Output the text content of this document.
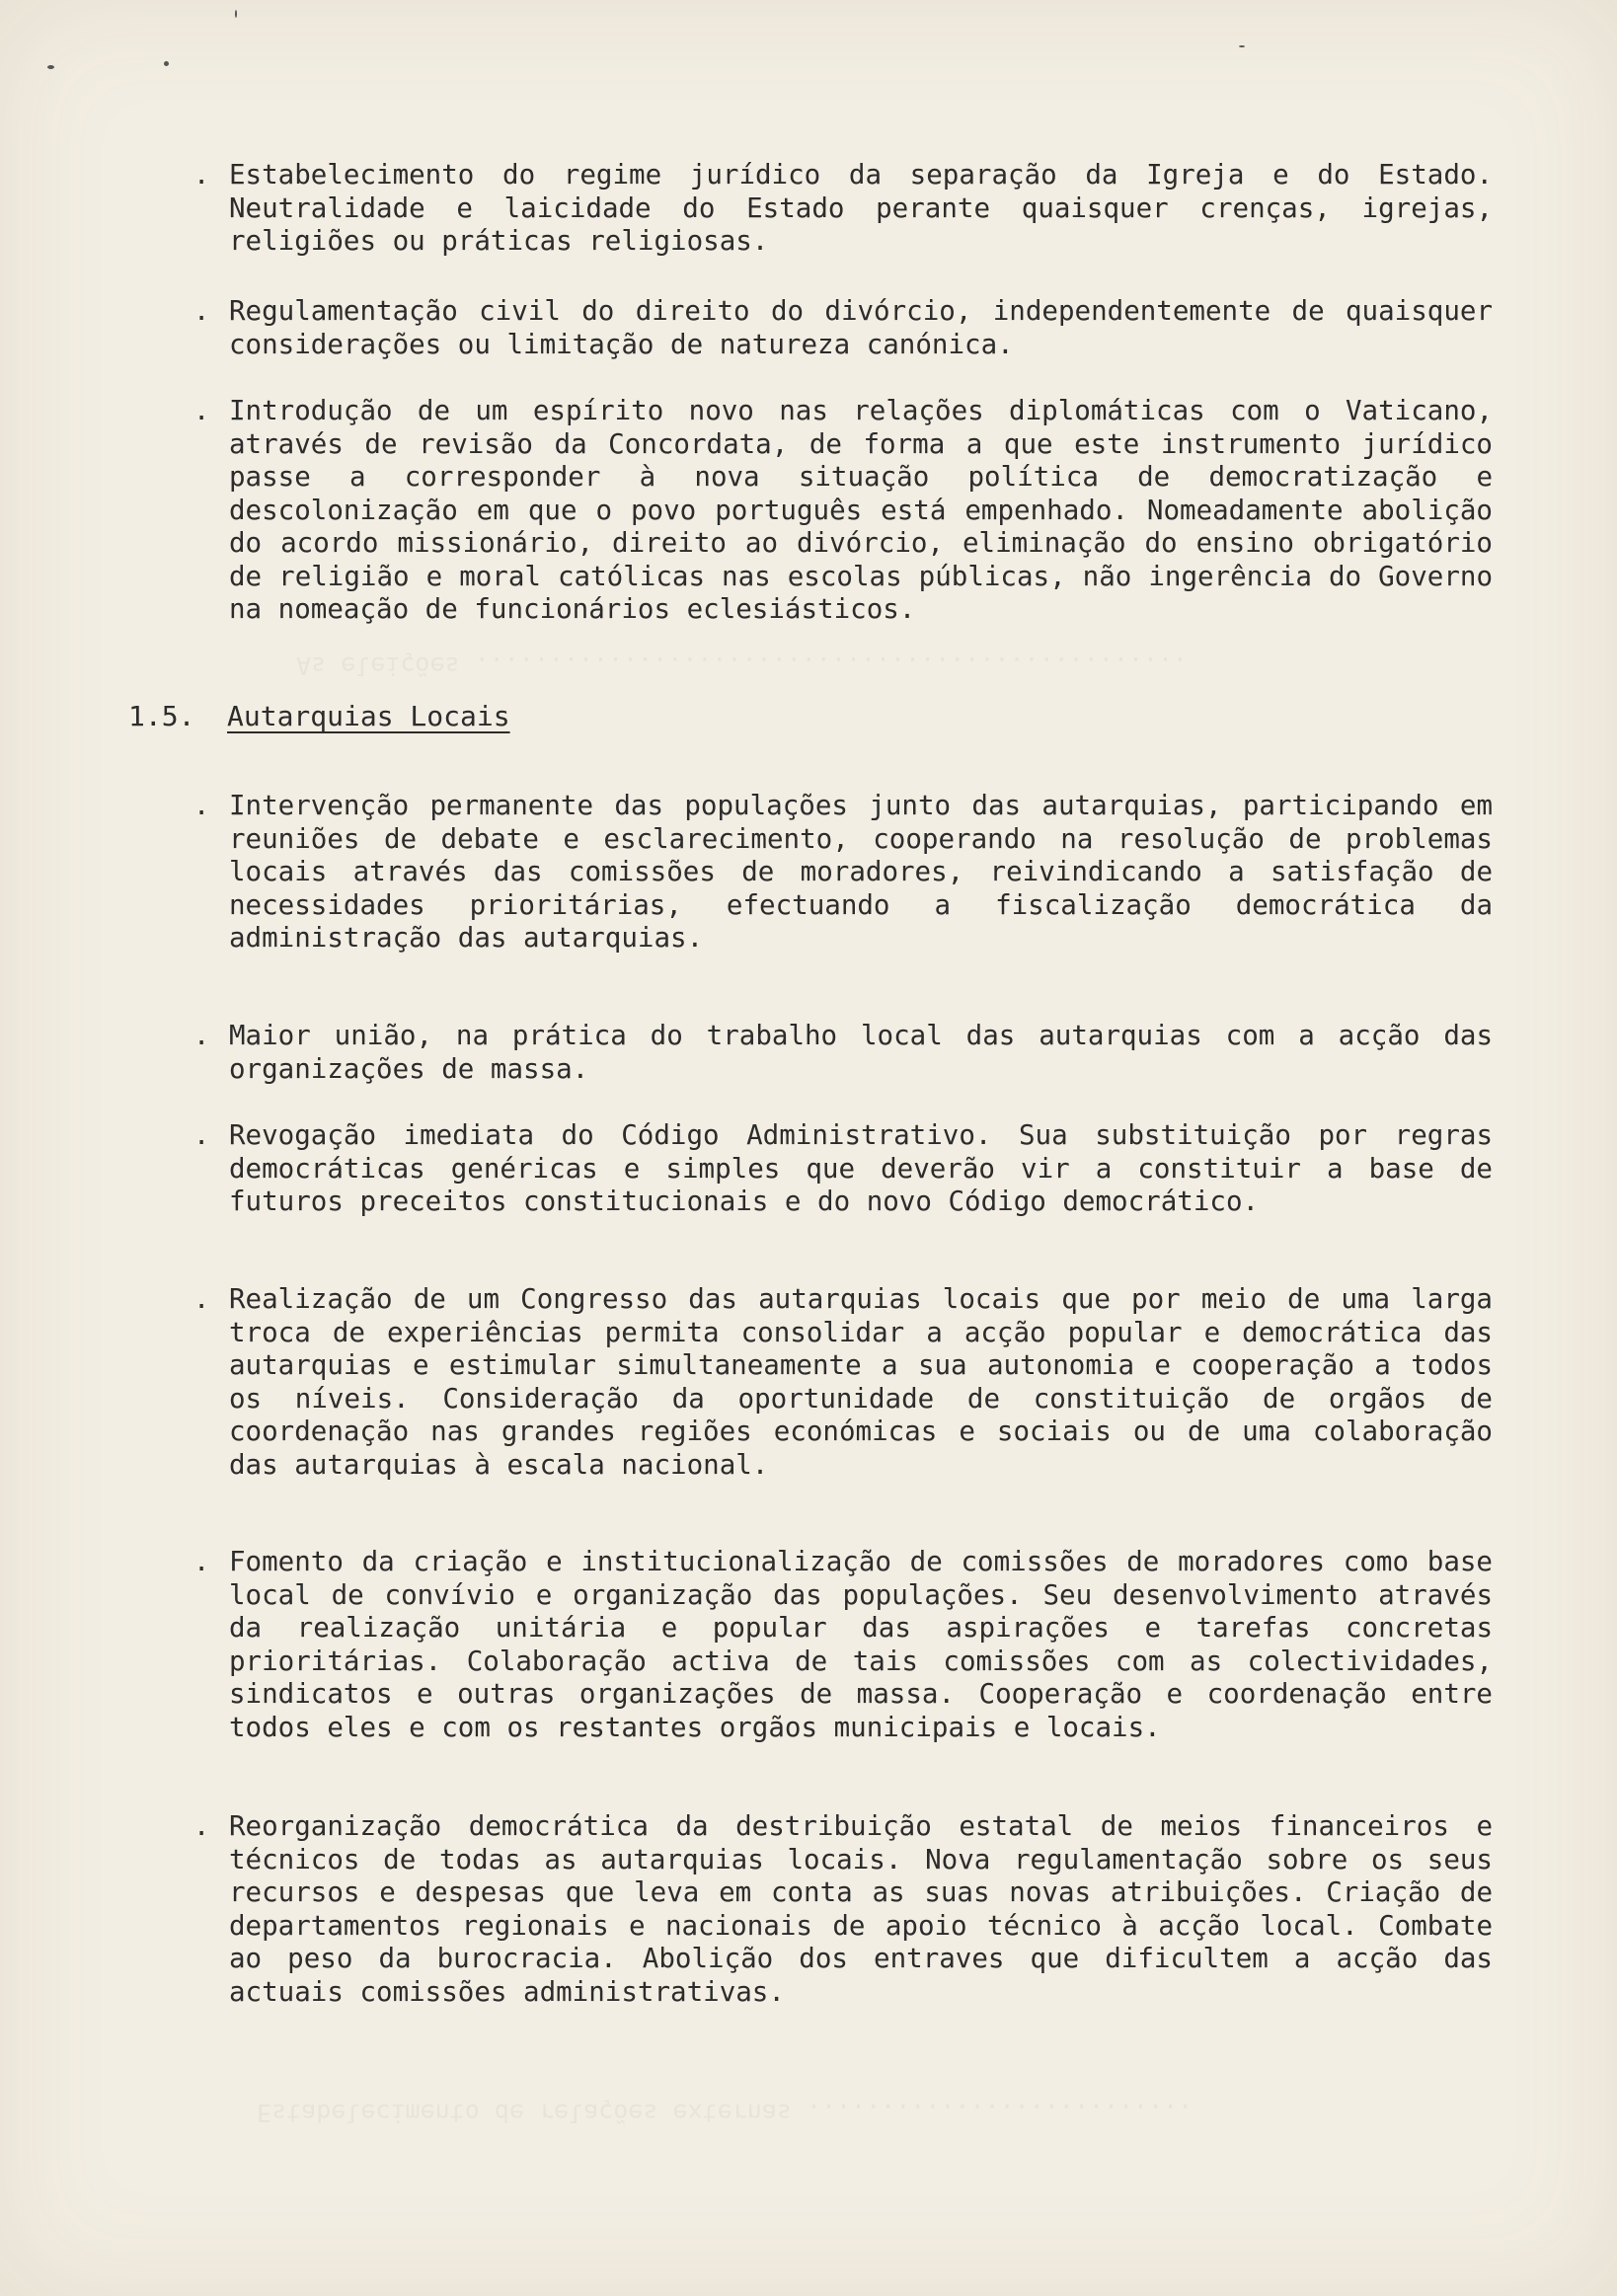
As eleições ................................................
Estabelecimento de relações externas ..........................
. Estabelecimento do regime jurídico da separação da Igreja e do Estado. Neutralidade e laicidade do Estado perante quaisquer crenças, igrejas, religiões ou práticas religiosas.
. Regulamentação civil do direito do divórcio, independentemente de quaisquer considerações ou limitação de natureza canónica.
. Introdução de um espírito novo nas relações diplomáticas com o Vaticano, através de revisão da Concordata, de forma a que este instrumento jurídico passe a corresponder à nova situação política de democratização e descolonização em que o povo português está empenhado. Nomeadamente abolição do acordo missionário, direito ao divórcio, eliminação do ensino obrigatório de religião e moral católicas nas escolas públicas, não ingerência do Governo na nomeação de funcionários eclesiásticos.
1.5. Autarquias Locais
. Intervenção permanente das populações junto das autarquias, participando em reuniões de debate e esclarecimento, cooperando na resolução de problemas locais através das comissões de moradores, reivindicando a satisfação de necessidades prioritárias, efectuando a fiscalização democrática da administração das autarquias.
. Maior união, na prática do trabalho local das autarquias com a acção das organizações de massa.
. Revogação imediata do Código Administrativo. Sua substituição por regras democráticas genéricas e simples que deverão vir a constituir a base de futuros preceitos constitucionais e do novo Código democrático.
. Realização de um Congresso das autarquias locais que por meio de uma larga troca de experiências permita consolidar a acção popular e democrática das autarquias e estimular simultaneamente a sua autonomia e cooperação a todos os níveis. Consideração da oportunidade de constituição de orgãos de coordenação nas grandes regiões económicas e sociais ou de uma colaboração das autarquias à escala nacional.
. Fomento da criação e institucionalização de comissões de moradores como base local de convívio e organização das populações. Seu desenvolvimento através da realização unitária e popular das aspirações e tarefas concretas prioritárias. Colaboração activa de tais comissões com as colectividades, sindicatos e outras organizações de massa. Cooperação e coordenação entre todos eles e com os restantes orgãos municipais e locais.
. Reorganização democrática da destribuição estatal de meios financeiros e técnicos de todas as autarquias locais. Nova regulamentação sobre os seus recursos e despesas que leva em conta as suas novas atribuições. Criação de departamentos regionais e nacionais de apoio técnico à acção local. Combate ao peso da burocracia. Abolição dos entraves que dificultem a acção das actuais comissões administrativas.
